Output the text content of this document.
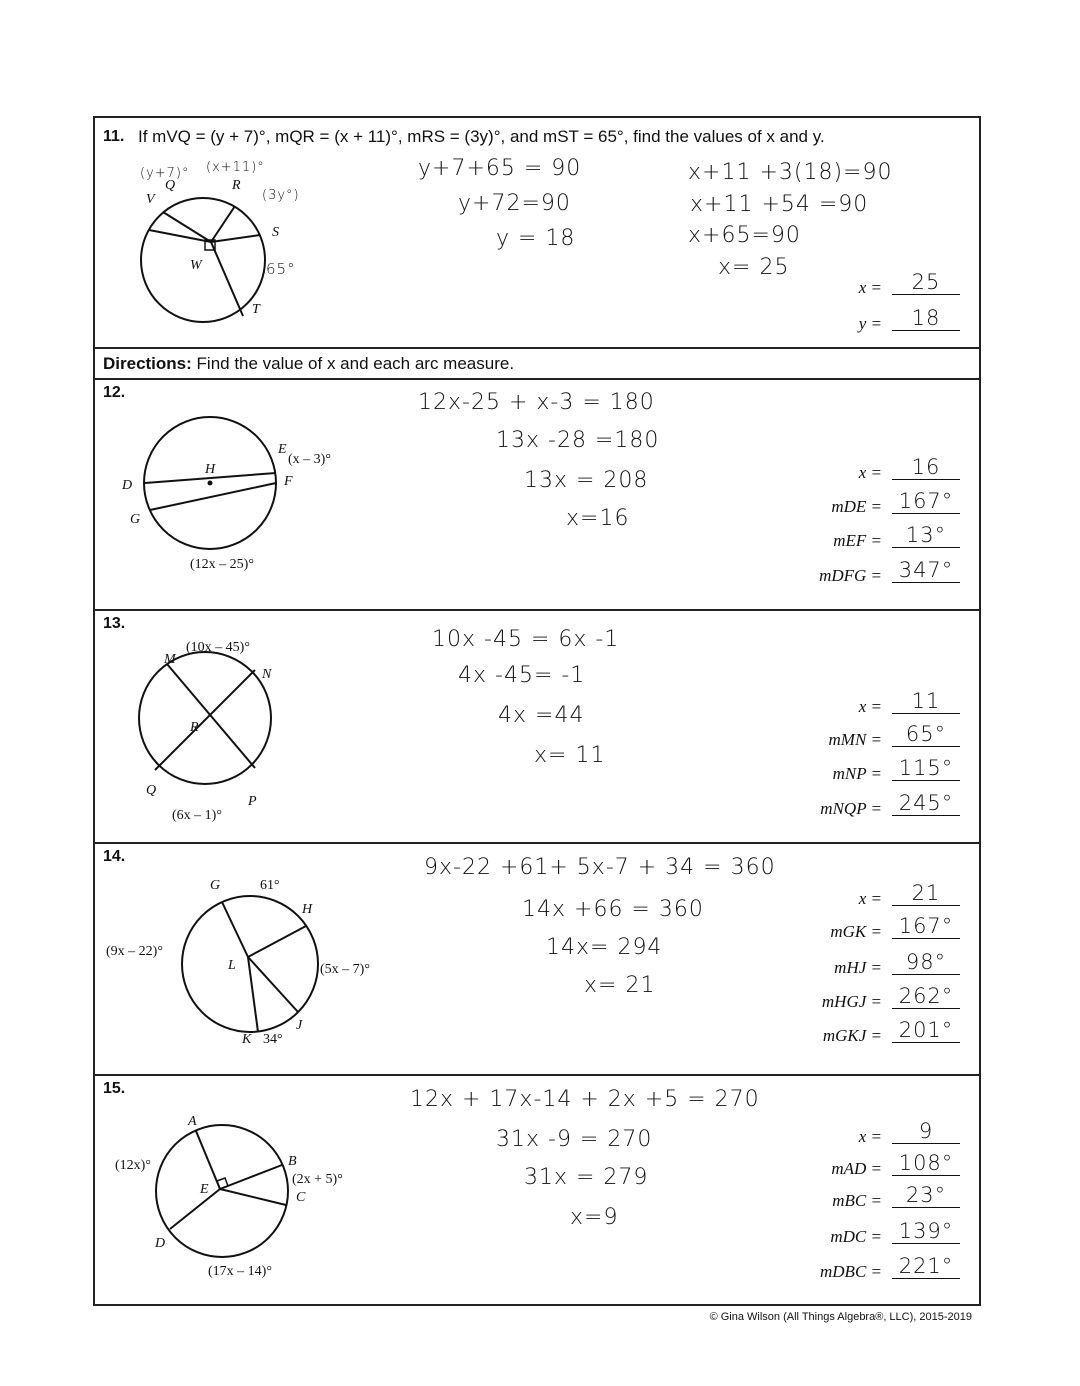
11. If mVQ = (y + 7)°, mQR = (x + 11)°, mRS = (3y)°, and mST = 65°, find the values of x and y.
V
Q	R
S
T
W
(y+7)° (x+11)°
(3y°)
65°
y+7+65 = 90
y+72=90
y = 18
x+11 +3(18)=90
x+11 +54 =90
x+65=90
x= 25
x =	25
y =	18
Directions: Find the value of x and each arc measure.
12.
D
G
H
E
F
(x – 3)°
(12x – 25)°
12x-25 + x-3 = 180
13x -28 =180
13x = 208
x=16
x =	16
mDE = 167°
mEF =	13°
mDFG = 347°
13.
M
N
R
Q
P
(10x – 45)°
(6x – 1)°
10x -45 = 6x -1
4x -45= -1
4x =44
x= 11
x =	11
mMN =	65°
mNP = 115°
mNQP = 245°
14.
G	61°
H
L
K 34°
J
(9x – 22)°
(5x – 7)°
9x-22 +61+ 5x-7 + 34 = 360
14x +66 = 360
14x= 294
x= 21
x =	21
mGK = 167°
mHJ =	98°
mHGJ = 262°
mGKJ = 201°
15.
A
B
C
D
E
(12x)°
(2x + 5)°
(17x – 14)°
12x + 17x-14 + 2x +5 = 270
31x -9 = 270
31x = 279
x=9
x =	9
mAD = 108°
mBC =	23°
mDC = 139°
mDBC = 221°
© Gina Wilson (All Things Algebra®, LLC), 2015-2019
